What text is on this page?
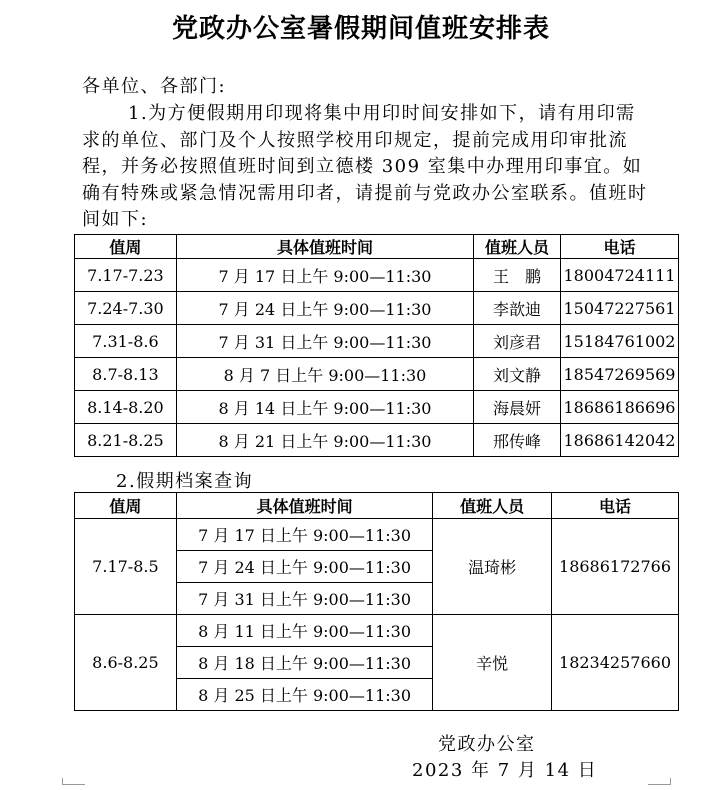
党政办公室暑假期间值班安排表
各单位、各部门:
1.为方便假期用印现将集中用印时间安排如下，请有用印需求的单位、部门及个人按照学校用印规定，提前完成用印审批流程，并务必按照值班时间到立德楼 309 室集中办理用印事宜。如确有特殊或紧急情况需用印者，请提前与党政办公室联系。值班时间如下:
值周	具体值班时间	值班人员	电话
7.17-7.23	7 月 17 日上午 9:00—11:30	王　鹏	18004724111
7.24-7.30	7 月 24 日上午 9:00—11:30	李歆迪	15047227561
7.31-8.6	7 月 31 日上午 9:00—11:30	刘彦君	15184761002
8.7-8.13	8 月 7 日上午 9:00—11:30	刘文静	18547269569
8.14-8.20	8 月 14 日上午 9:00—11:30	海晨妍	18686186696
8.21-8.25	8 月 21 日上午 9:00—11:30	邢传峰	18686142042
2.假期档案查询
值周	具体值班时间	值班人员	电话
7.17-8.5	7 月 17 日上午 9:00—11:30	温琦彬	18686172766
	7 月 24 日上午 9:00—11:30		
	7 月 31 日上午 9:00—11:30		
8.6-8.25	8 月 11 日上午 9:00—11:30	辛悦	18234257660
	8 月 18 日上午 9:00—11:30		
	8 月 25 日上午 9:00—11:30		
党政办公室
2023 年 7 月 14 日
